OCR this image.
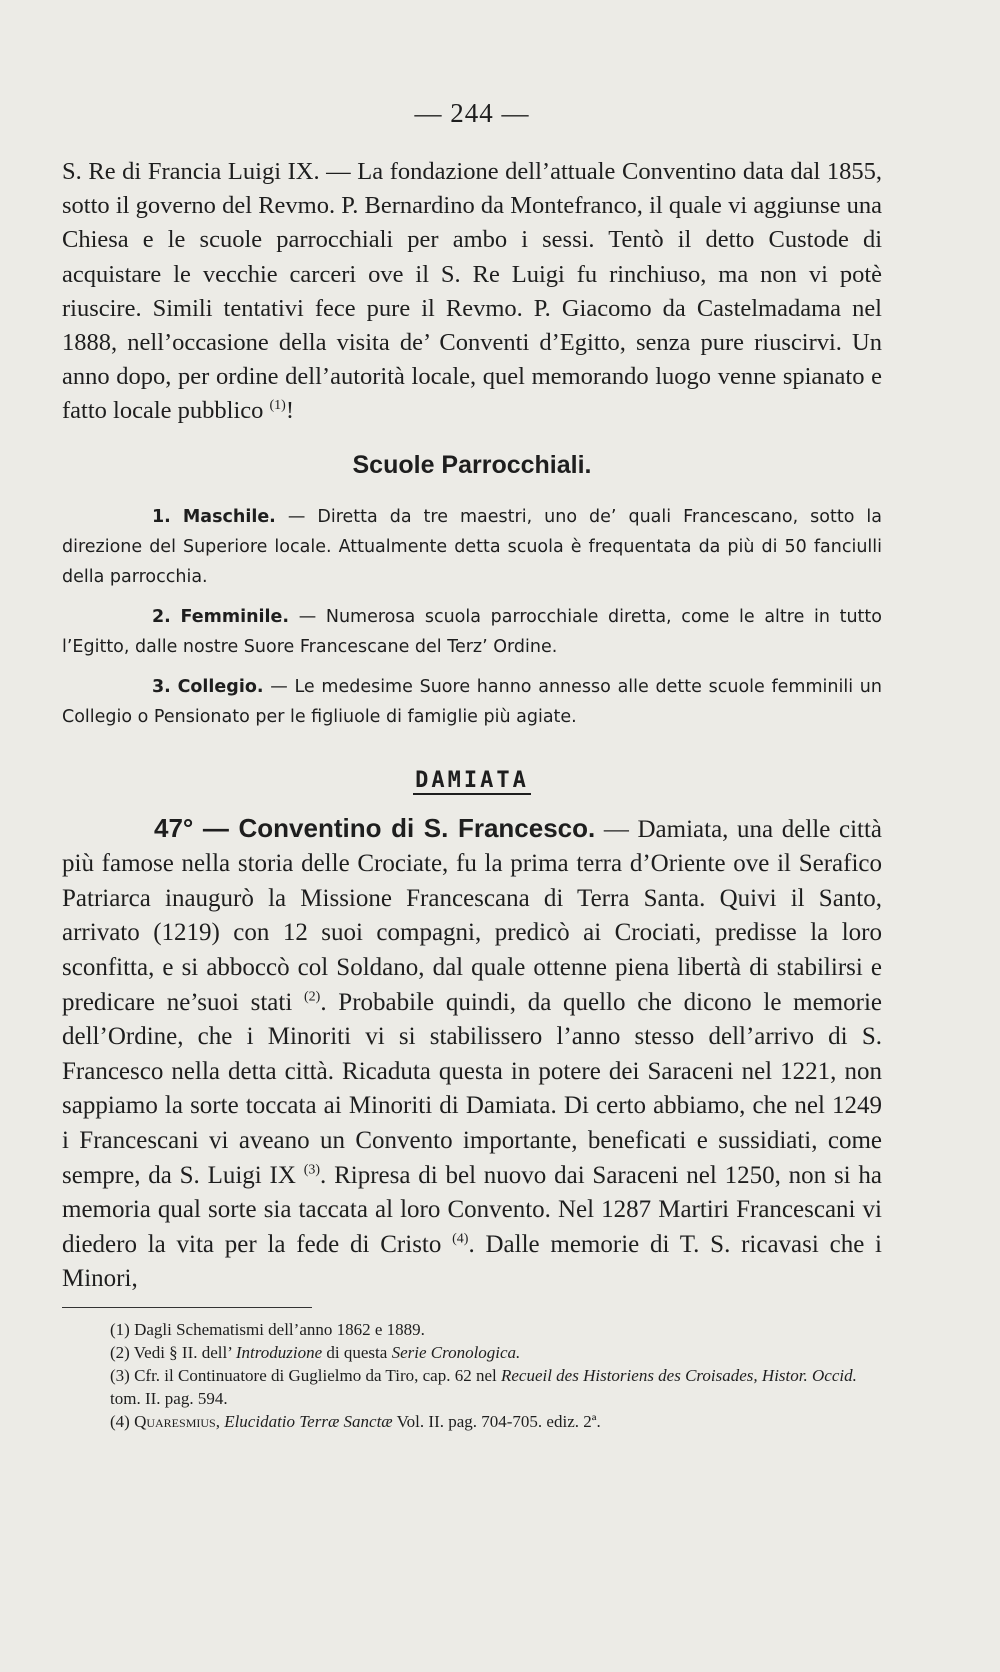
— 244 —

S. Re di Francia Luigi IX. — La fondazione dell’attuale Conventino data dal 1855, sotto il governo del Revmo. P. Bernardino da Montefranco, il quale vi aggiunse una Chiesa e le scuole parrocchiali per ambo i sessi. Tentò il detto Custode di acquistare le vecchie carceri ove il S. Re Luigi fu rinchiuso, ma non vi potè riuscire. Simili tentativi fece pure il Revmo. P. Giacomo da Castelmadama nel 1888, nell’occasione della visita de’ Conventi d’Egitto, senza pure riuscirvi. Un anno dopo, per ordine dell’autorità locale, quel memorando luogo venne spianato e fatto locale pubblico $^{(1)}$!

Scuole Parrocchiali.

1. Maschile. — Diretta da tre maestri, uno de’ quali Francescano, sotto la direzione del Superiore locale. Attualmente detta scuola è frequentata da più di 50 fanciulli della parrocchia.

2. Femminile. — Numerosa scuola parrocchiale diretta, come le altre in tutto l’Egitto, dalle nostre Suore Francescane del Terz’ Ordine.

3. Collegio. — Le medesime Suore hanno annesso alle dette scuole femminili un Collegio o Pensionato per le figliuole di famiglie più agiate.

DAMIATA

47° — Conventino di S. Francesco. — Damiata, una delle città più famose nella storia delle Crociate, fu la prima terra d’Oriente ove il Serafico Patriarca inaugurò la Missione Francescana di Terra Santa. Quivi il Santo, arrivato (1219) con 12 suoi compagni, predicò ai Crociati, predisse la loro sconfitta, e si abboccò col Soldano, dal quale ottenne piena libertà di stabilirsi e predicare ne’suoi stati $^{(2)}$. Probabile quindi, da quello che dicono le memorie dell’Ordine, che i Minoriti vi si stabilissero l’anno stesso dell’arrivo di S. Francesco nella detta città. Ricaduta questa in potere dei Saraceni nel 1221, non sappiamo la sorte toccata ai Minoriti di Damiata. Di certo abbiamo, che nel 1249 i Francescani vi aveano un Convento importante, beneficati e sussidiati, come sempre, da S. Luigi IX $^{(3)}$. Ripresa di bel nuovo dai Saraceni nel 1250, non si ha memoria qual sorte sia taccata al loro Convento. Nel 1287 Martiri Francescani vi diedero la vita per la fede di Cristo $^{(4)}$. Dalle memorie di T. S. ricavasi che i Minori,

(1) Dagli Schematismi dell’anno 1862 e 1889.
(2) Vedi § II. dell’ Introduzione di questa Serie Cronologica.
(3) Cfr. il Continuatore di Guglielmo da Tiro, cap. 62 nel Recueil des Historiens des Croisades, Histor. Occid. tom. II. pag. 594.
(4) Quaresmius, Elucidatio Terræ Sanctæ Vol. II. pag. 704-705. ediz. 2ª.
